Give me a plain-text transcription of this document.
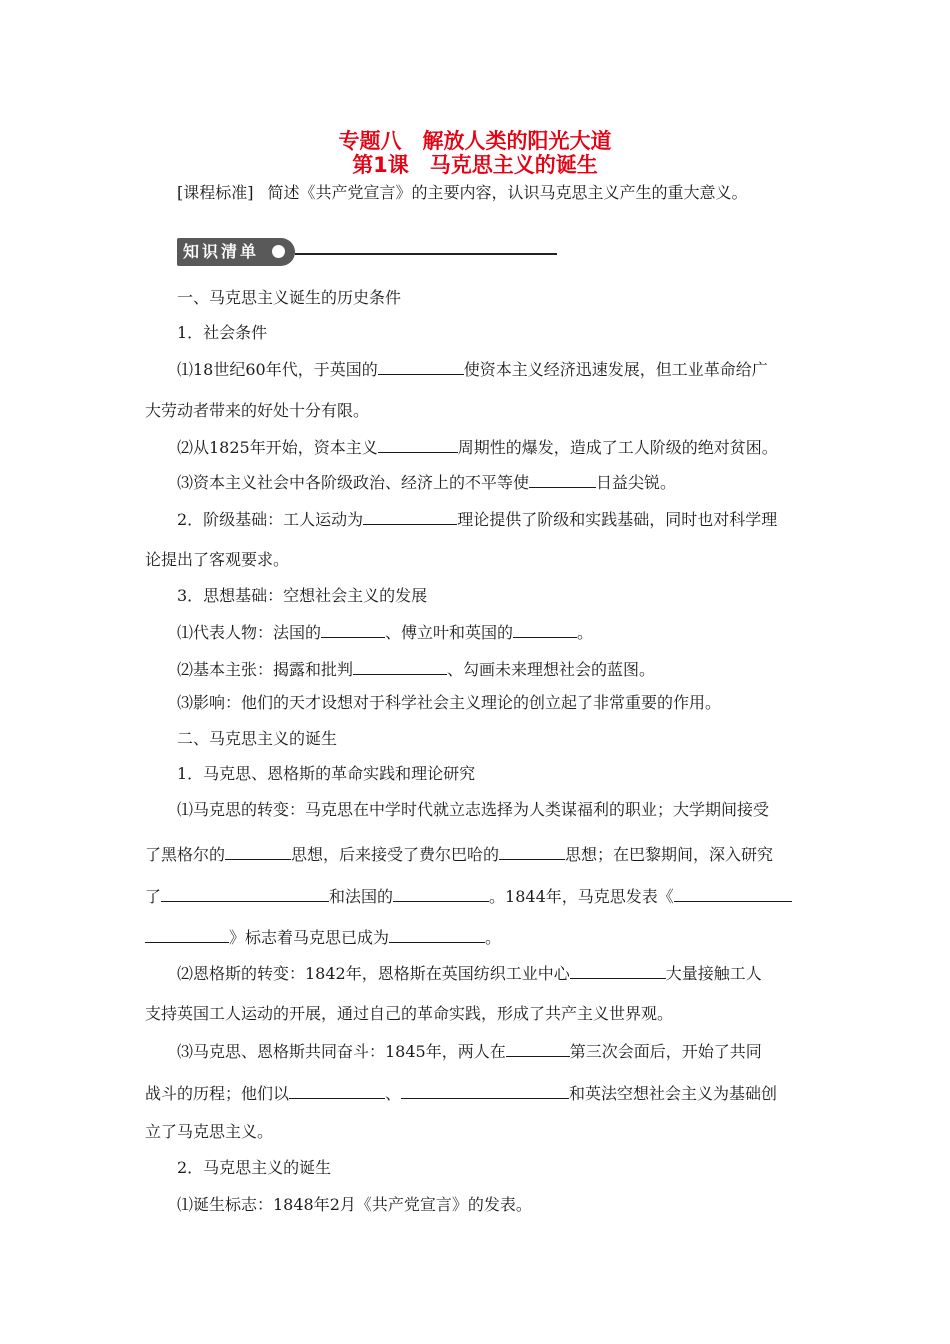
专题八　解放人类的阳光大道
第1课　马克思主义的诞生
[课程标准] 简述《共产党宣言》的主要内容，认识马克思主义产生的重大意义。
知识清单
一、马克思主义诞生的历史条件
1．社会条件
⑴18世纪60年代，于英国的	使资本主义经济迅速发展，但工业革命给广
大劳动者带来的好处十分有限。
⑵从1825年开始，资本主义	周期性的爆发，造成了工人阶级的绝对贫困。
⑶资本主义社会中各阶级政治、经济上的不平等使	日益尖锐。
2．阶级基础：工人运动为	理论提供了阶级和实践基础，同时也对科学理
论提出了客观要求。
3．思想基础：空想社会主义的发展
⑴代表人物：法国的	、傅立叶和英国的	。
⑵基本主张：揭露和批判	、勾画未来理想社会的蓝图。
⑶影响：他们的天才设想对于科学社会主义理论的创立起了非常重要的作用。
二、马克思主义的诞生
1．马克思、恩格斯的革命实践和理论研究
⑴马克思的转变：马克思在中学时代就立志选择为人类谋福利的职业；大学期间接受
了黑格尔的	思想，后来接受了费尔巴哈的	思想；在巴黎期间，深入研究
了	和法国的	。1844年，马克思发表《
》标志着马克思已成为	。
⑵恩格斯的转变：1842年，恩格斯在英国纺织工业中心	大量接触工人
支持英国工人运动的开展，通过自己的革命实践，形成了共产主义世界观。
⑶马克思、恩格斯共同奋斗：1845年，两人在	第三次会面后，开始了共同
战斗的历程；他们以	、	和英法空想社会主义为基础创
立了马克思主义。
2．马克思主义的诞生
⑴诞生标志：1848年2月《共产党宣言》的发表。
